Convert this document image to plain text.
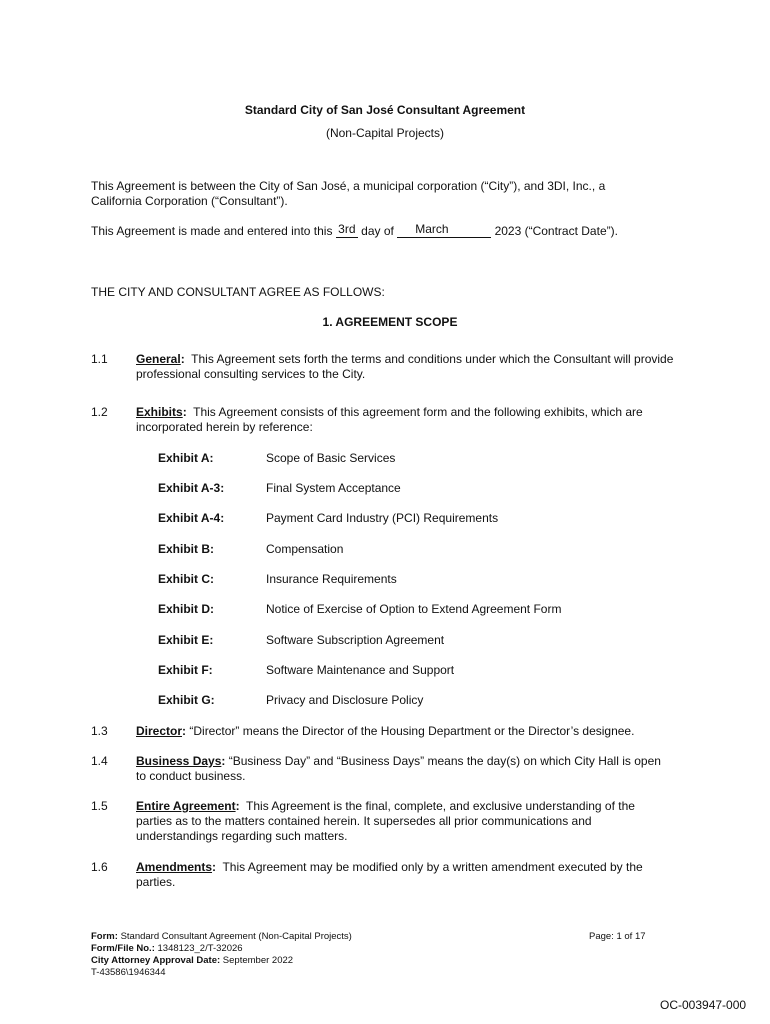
Standard City of San José Consultant Agreement
(Non-Capital Projects)
This Agreement is between the City of San José, a municipal corporation (“City”), and 3DI, Inc., a
California Corporation (“Consultant”).
This Agreement is made and entered into this 3rd day of March	2023 (“Contract Date”).
THE CITY AND CONSULTANT AGREE AS FOLLOWS:
1. AGREEMENT SCOPE
1.1 General: This Agreement sets forth the terms and conditions under which the Consultant will provide professional consulting services to the City.
1.2 Exhibits: This Agreement consists of this agreement form and the following exhibits, which are incorporated herein by reference:
Exhibit A:	Scope of Basic Services
Exhibit A-3:	Final System Acceptance
Exhibit A-4:	Payment Card Industry (PCI) Requirements
Exhibit B:	Compensation
Exhibit C:	Insurance Requirements
Exhibit D:	Notice of Exercise of Option to Extend Agreement Form
Exhibit E:	Software Subscription Agreement
Exhibit F:	Software Maintenance and Support
Exhibit G:	Privacy and Disclosure Policy
1.3 Director: “Director” means the Director of the Housing Department or the Director’s designee.
1.4 Business Days: “Business Day” and “Business Days” means the day(s) on which City Hall is open to conduct business.
1.5 Entire Agreement: This Agreement is the final, complete, and exclusive understanding of the parties as to the matters contained herein. It supersedes all prior communications and understandings regarding such matters.
1.6 Amendments: This Agreement may be modified only by a written amendment executed by the parties.
Form: Standard Consultant Agreement (Non-Capital Projects)
Form/File No.: 1348123_2/T-32026
City Attorney Approval Date: September 2022
T-43586\1946344
Page: 1 of 17
OC-003947-000
